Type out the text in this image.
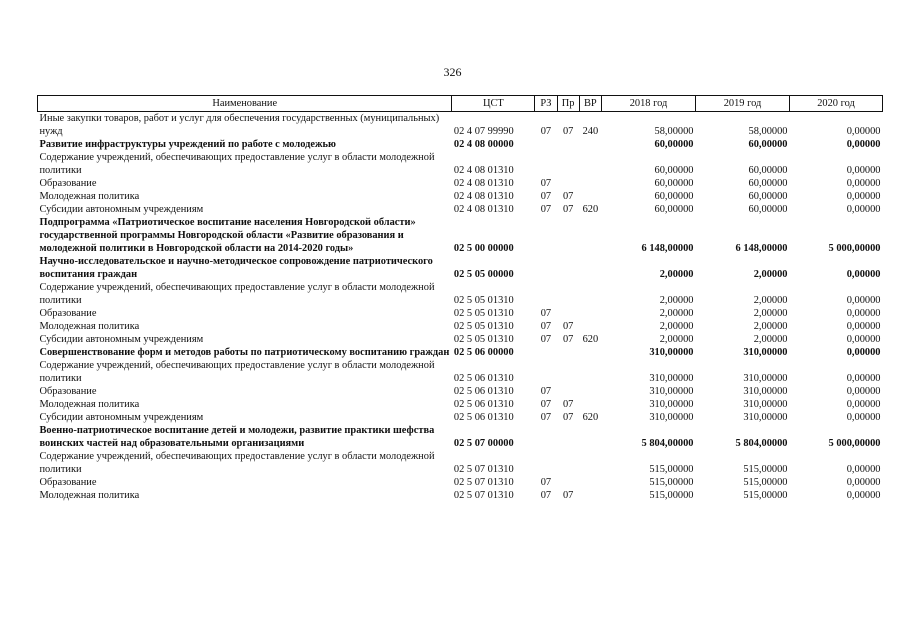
326
Наименование	ЦСТ	РЗ	Пр	ВР	2018 год	2019 год	2020 год
Иные закупки товаров, работ и услуг для обеспечения государственных (муниципальных) нужд	02 4 07 99990	07	07	240	58,00000	58,00000	0,00000
Развитие инфраструктуры учреждений по работе с молодежью	02 4 08 00000				60,00000	60,00000	0,00000
Содержание учреждений, обеспечивающих предоставление услуг в области молодежной политики	02 4 08 01310				60,00000	60,00000	0,00000
Образование	02 4 08 01310	07			60,00000	60,00000	0,00000
Молодежная политика	02 4 08 01310	07	07		60,00000	60,00000	0,00000
Субсидии автономным учреждениям	02 4 08 01310	07	07	620	60,00000	60,00000	0,00000
Подпрограмма «Патриотическое воспитание населения Новгородской области» государственной программы Новгородской области «Развитие образования и молодежной политики в Новгородской области на 2014-2020 годы»	02 5 00 00000				6 148,00000	6 148,00000	5 000,00000
Научно-исследовательское и научно-методическое сопровождение патриотического воспитания граждан	02 5 05 00000				2,00000	2,00000	0,00000
Содержание учреждений, обеспечивающих предоставление услуг в области молодежной политики	02 5 05 01310				2,00000	2,00000	0,00000
Образование	02 5 05 01310	07			2,00000	2,00000	0,00000
Молодежная политика	02 5 05 01310	07	07		2,00000	2,00000	0,00000
Субсидии автономным учреждениям	02 5 05 01310	07	07	620	2,00000	2,00000	0,00000
Совершенствование форм и методов работы по патриотическому воспитанию граждан	02 5 06 00000				310,00000	310,00000	0,00000
Содержание учреждений, обеспечивающих предоставление услуг в области молодежной политики	02 5 06 01310				310,00000	310,00000	0,00000
Образование	02 5 06 01310	07			310,00000	310,00000	0,00000
Молодежная политика	02 5 06 01310	07	07		310,00000	310,00000	0,00000
Субсидии автономным учреждениям	02 5 06 01310	07	07	620	310,00000	310,00000	0,00000
Военно-патриотическое воспитание детей и молодежи, развитие практики шефства воинских частей над образовательными организациями	02 5 07 00000				5 804,00000	5 804,00000	5 000,00000
Содержание учреждений, обеспечивающих предоставление услуг в области молодежной политики	02 5 07 01310				515,00000	515,00000	0,00000
Образование	02 5 07 01310	07			515,00000	515,00000	0,00000
Молодежная политика	02 5 07 01310	07	07		515,00000	515,00000	0,00000
